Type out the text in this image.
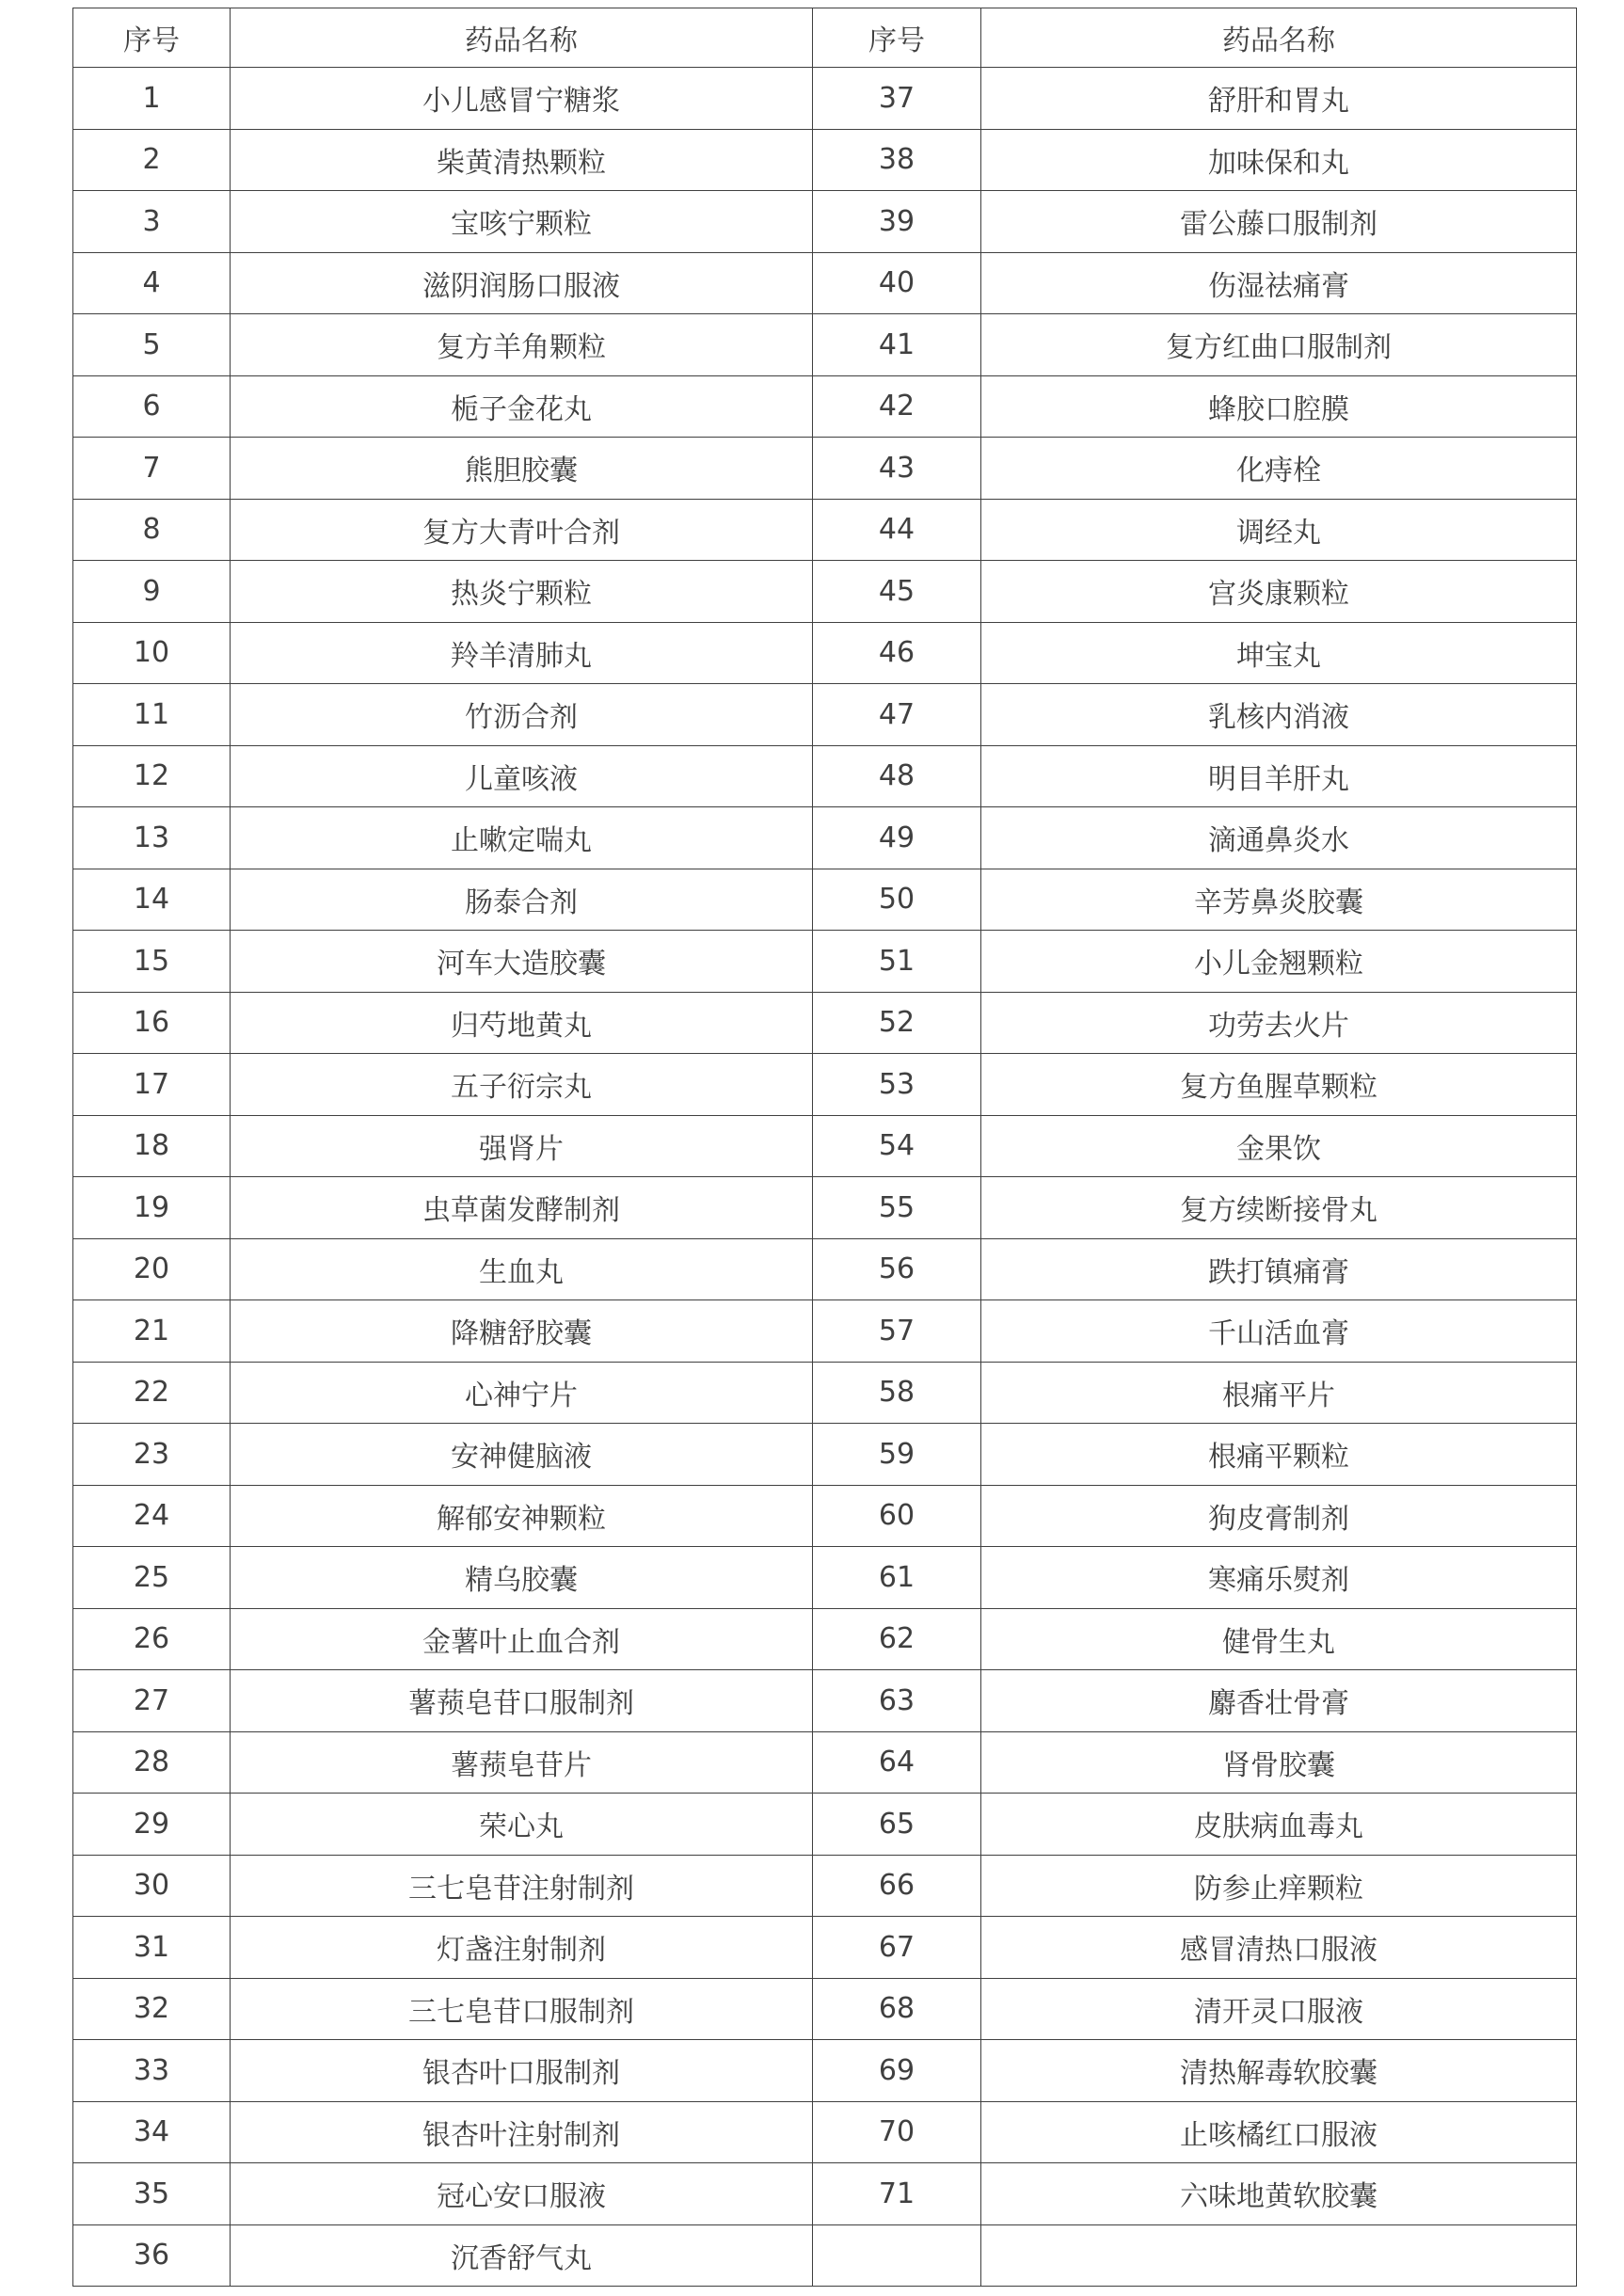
序号	药品名称	序号	药品名称
1	小儿感冒宁糖浆	37	舒肝和胃丸
2	柴黄清热颗粒	38	加味保和丸
3	宝咳宁颗粒	39	雷公藤口服制剂
4	滋阴润肠口服液	40	伤湿祛痛膏
5	复方羊角颗粒	41	复方红曲口服制剂
6	栀子金花丸	42	蜂胶口腔膜
7	熊胆胶囊	43	化痔栓
8	复方大青叶合剂	44	调经丸
9	热炎宁颗粒	45	宫炎康颗粒
10	羚羊清肺丸	46	坤宝丸
11	竹沥合剂	47	乳核内消液
12	儿童咳液	48	明目羊肝丸
13	止嗽定喘丸	49	滴通鼻炎水
14	肠泰合剂	50	辛芳鼻炎胶囊
15	河车大造胶囊	51	小儿金翘颗粒
16	归芍地黄丸	52	功劳去火片
17	五子衍宗丸	53	复方鱼腥草颗粒
18	强肾片	54	金果饮
19	虫草菌发酵制剂	55	复方续断接骨丸
20	生血丸	56	跌打镇痛膏
21	降糖舒胶囊	57	千山活血膏
22	心神宁片	58	根痛平片
23	安神健脑液	59	根痛平颗粒
24	解郁安神颗粒	60	狗皮膏制剂
25	精乌胶囊	61	寒痛乐熨剂
26	金薯叶止血合剂	62	健骨生丸
27	薯蓣皂苷口服制剂	63	麝香壮骨膏
28	薯蓣皂苷片	64	肾骨胶囊
29	荣心丸	65	皮肤病血毒丸
30	三七皂苷注射制剂	66	防参止痒颗粒
31	灯盏注射制剂	67	感冒清热口服液
32	三七皂苷口服制剂	68	清开灵口服液
33	银杏叶口服制剂	69	清热解毒软胶囊
34	银杏叶注射制剂	70	止咳橘红口服液
35	冠心安口服液	71	六味地黄软胶囊
36	沉香舒气丸		
